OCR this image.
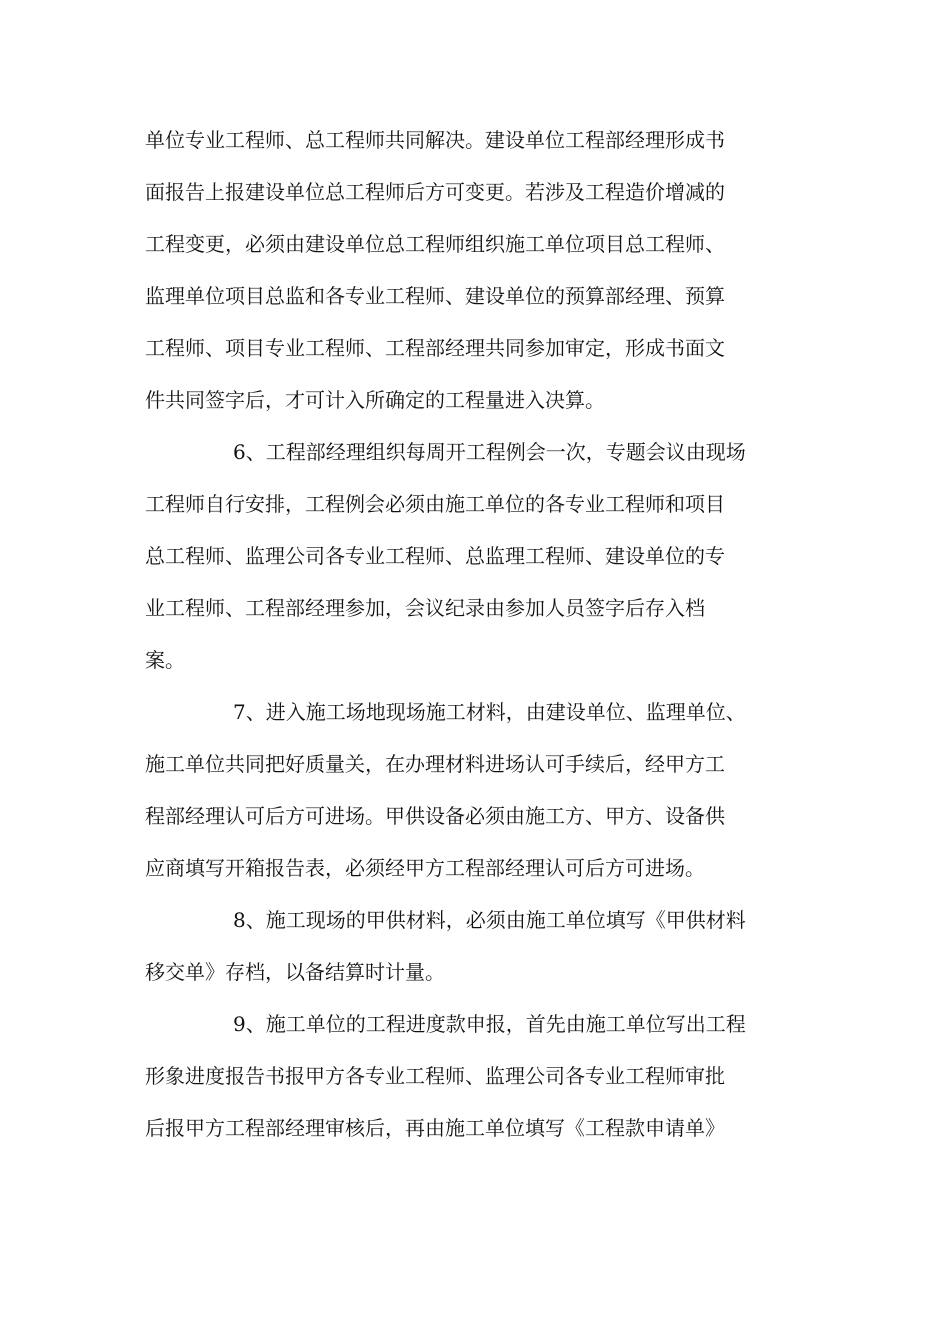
单位专业工程师、总工程师共同解决。建设单位工程部经理形成书
面报告上报建设单位总工程师后方可变更。若涉及工程造价增减的
工程变更，必须由建设单位总工程师组织施工单位项目总工程师、
监理单位项目总监和各专业工程师、建设单位的预算部经理、预算
工程师、项目专业工程师、工程部经理共同参加审定，形成书面文
件共同签字后，才可计入所确定的工程量进入决算。
6、工程部经理组织每周开工程例会一次，专题会议由现场
工程师自行安排，工程例会必须由施工单位的各专业工程师和项目
总工程师、监理公司各专业工程师、总监理工程师、建设单位的专
业工程师、工程部经理参加，会议纪录由参加人员签字后存入档
案。
7、进入施工场地现场施工材料，由建设单位、监理单位、
施工单位共同把好质量关，在办理材料进场认可手续后，经甲方工
程部经理认可后方可进场。甲供设备必须由施工方、甲方、设备供
应商填写开箱报告表，必须经甲方工程部经理认可后方可进场。
8、施工现场的甲供材料，必须由施工单位填写《甲供材料
移交单》存档，以备结算时计量。
9、施工单位的工程进度款申报，首先由施工单位写出工程
形象进度报告书报甲方各专业工程师、监理公司各专业工程师审批
后报甲方工程部经理审核后，再由施工单位填写《工程款申请单》
